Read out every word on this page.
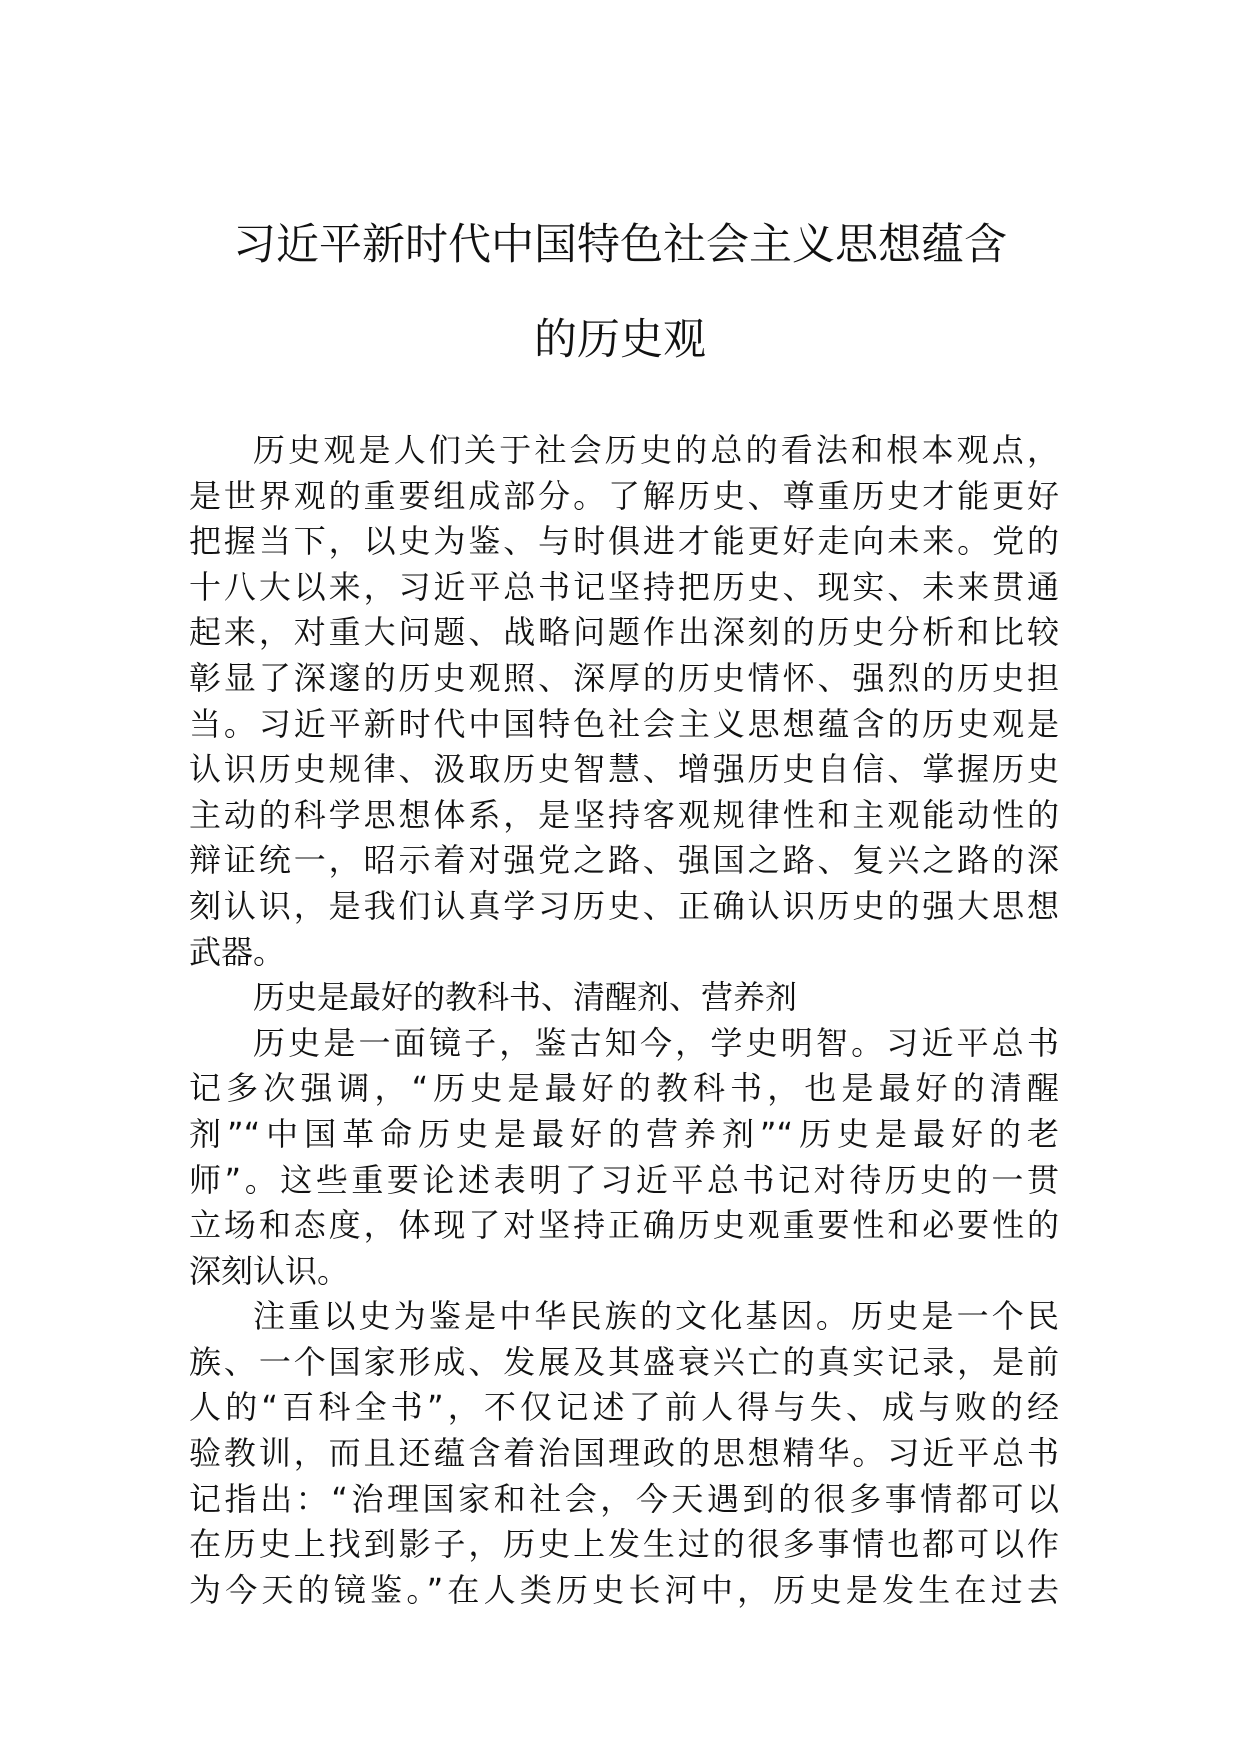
习近平新时代中国特色社会主义思想蕴含
的历史观
历史观是人们关于社会历史的总的看法和根本观点，
是世界观的重要组成部分。了解历史、尊重历史才能更好
把握当下，以史为鉴、与时俱进才能更好走向未来。党的
十八大以来，习近平总书记坚持把历史、现实、未来贯通
起来，对重大问题、战略问题作出深刻的历史分析和比较
彰显了深邃的历史观照、深厚的历史情怀、强烈的历史担
当。习近平新时代中国特色社会主义思想蕴含的历史观是
认识历史规律、汲取历史智慧、增强历史自信、掌握历史
主动的科学思想体系，是坚持客观规律性和主观能动性的
辩证统一，昭示着对强党之路、强国之路、复兴之路的深
刻认识，是我们认真学习历史、正确认识历史的强大思想
武器。
历史是最好的教科书、清醒剂、营养剂
历史是一面镜子，鉴古知今，学史明智。习近平总书
记多次强调，“历史是最好的教科书，也是最好的清醒
剂”“中国革命历史是最好的营养剂”“历史是最好的老
师”。这些重要论述表明了习近平总书记对待历史的一贯
立场和态度，体现了对坚持正确历史观重要性和必要性的
深刻认识。
注重以史为鉴是中华民族的文化基因。历史是一个民
族、一个国家形成、发展及其盛衰兴亡的真实记录，是前
人的“百科全书”，不仅记述了前人得与失、成与败的经
验教训，而且还蕴含着治国理政的思想精华。习近平总书
记指出：“治理国家和社会，今天遇到的很多事情都可以
在历史上找到影子，历史上发生过的很多事情也都可以作
为今天的镜鉴。”在人类历史长河中，历史是发生在过去
